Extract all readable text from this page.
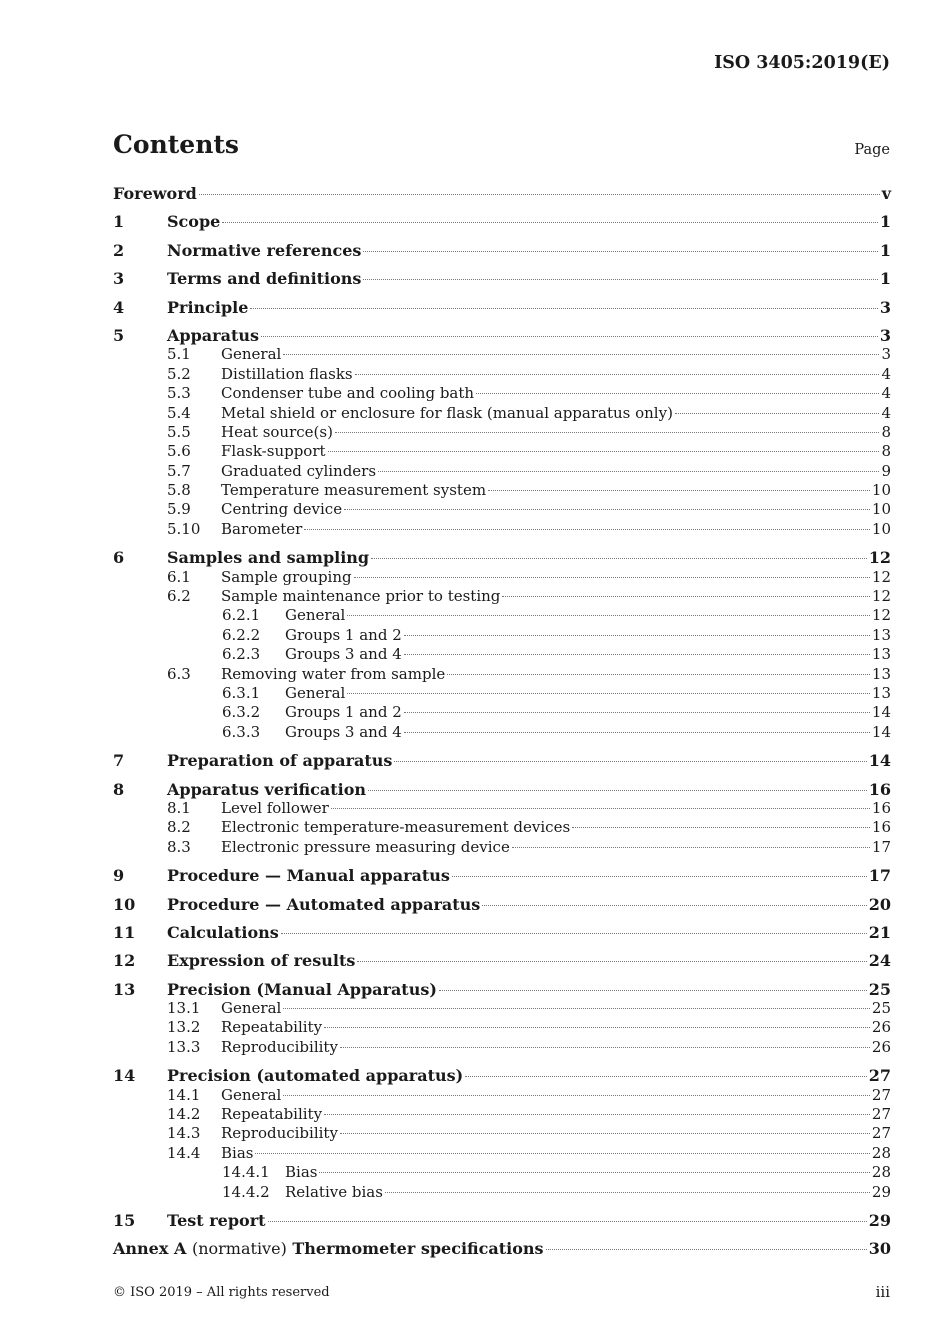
ISO 3405:2019(E)
Contents	Page
Foreword	v
1	Scope	1
2	Normative references	1
3	Terms and definitions	1
4	Principle	3
5	Apparatus	3
5.1	General	3
5.2	Distillation flasks	4
5.3	Condenser tube and cooling bath	4
5.4	Metal shield or enclosure for flask (manual apparatus only)	4
5.5	Heat source(s)	8
5.6	Flask-support	8
5.7	Graduated cylinders	9
5.8	Temperature measurement system	10
5.9	Centring device	10
5.10	Barometer	10
6	Samples and sampling	12
6.1	Sample grouping	12
6.2	Sample maintenance prior to testing	12
6.2.1	General	12
6.2.2	Groups 1 and 2	13
6.2.3	Groups 3 and 4	13
6.3	Removing water from sample	13
6.3.1	General	13
6.3.2	Groups 1 and 2	14
6.3.3	Groups 3 and 4	14
7	Preparation of apparatus	14
8	Apparatus verification	16
8.1	Level follower	16
8.2	Electronic temperature-measurement devices	16
8.3	Electronic pressure measuring device	17
9	Procedure — Manual apparatus	17
10	Procedure — Automated apparatus	20
11	Calculations	21
12	Expression of results	24
13	Precision (Manual Apparatus)	25
13.1	General	25
13.2	Repeatability	26
13.3	Reproducibility	26
14	Precision (automated apparatus)	27
14.1	General	27
14.2	Repeatability	27
14.3	Reproducibility	27
14.4	Bias	28
14.4.1	Bias	28
14.4.2	Relative bias	29
15	Test report	29
Annex A (normative) Thermometer specifications	30
© ISO 2019 – All rights reserved	iii
